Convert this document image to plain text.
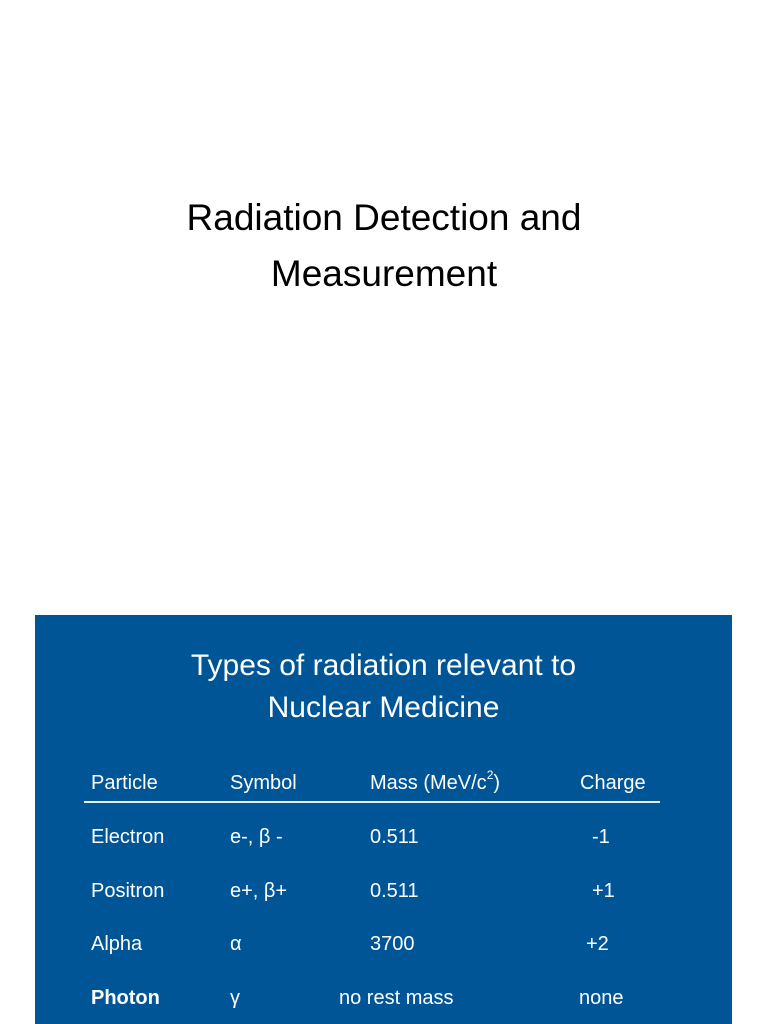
Radiation Detection and
Measurement
Types of radiation relevant to
Nuclear Medicine
Particle	Symbol	Mass $(MeV/c^2)$	Charge
Electron	e-, β -	0.511	-1
Positron	e+, β+	0.511	+1
Alpha	α	3700	+2
Photon	γ	no rest mass	none
